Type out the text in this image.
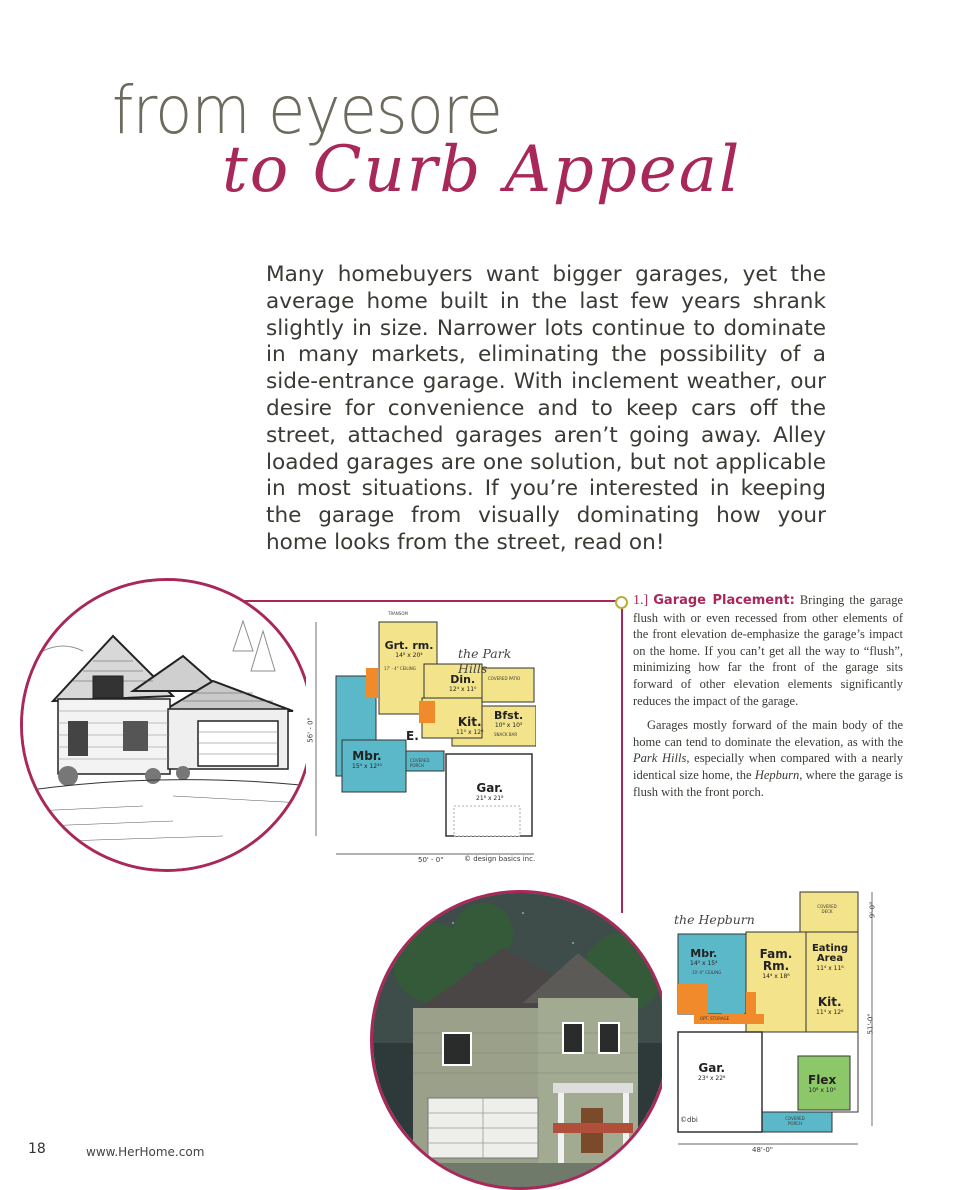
from eyesore
to Curb Appeal
Many homebuyers want bigger garages, yet the average home built in the last few years shrank slightly in size. Narrower lots continue to dominate in many markets, eliminating the possibility of a side-entrance garage. With inclement weather, our desire for convenience and to keep cars off the street, attached garages aren’t going away. Alley loaded garages are one solution, but not applicable in most situations. If you’re interested in keeping the garage from visually dominating how your home looks from the street, read on!

1.] Garage Placement: Bringing the garage flush with or even recessed from other elements of the front elevation de-emphasize the garage’s impact on the home. If you can’t get all the way to “flush”, minimizing how far the front of the garage sits forward of other elevation elements significantly reduces the impact of the garage.

Garages mostly forward of the main body of the home can tend to dominate the elevation, as with the Park Hills, especially when compared with a nearly identical size home, the Hepburn, where the garage is flush with the front porch.

Grt. rm.
14⁸ x 20⁴	the Park Hills
Din.
12⁴ x 11⁰
Kit.
11⁰ x 12⁸
Bfst.
10⁸ x 10³
Mbr.
15⁴ x 12¹⁰
E.
Gar.
21⁸ x 21⁸
50' - 0"	© design basics inc.
56' - 0"
17' - 4" CEILING
COVERED PATIO
COVERED PORCH
SNACK BAR
TRANSOM
the Hepburn
Mbr.
14⁰ x 15⁴
Fam. Rm.
14⁴ x 18⁸
Eating Area
11⁴ x 11⁶
Kit.
11⁴ x 12⁶
Gar.
23⁴ x 22⁸	Flex
10⁸ x 10⁴
10'-0" CEILING
COVERED DECK
COVERED PORCH
OPT. STORAGE
48'-0"
51'-0"
9'-0"
©dbi
18	www.HerHome.com
